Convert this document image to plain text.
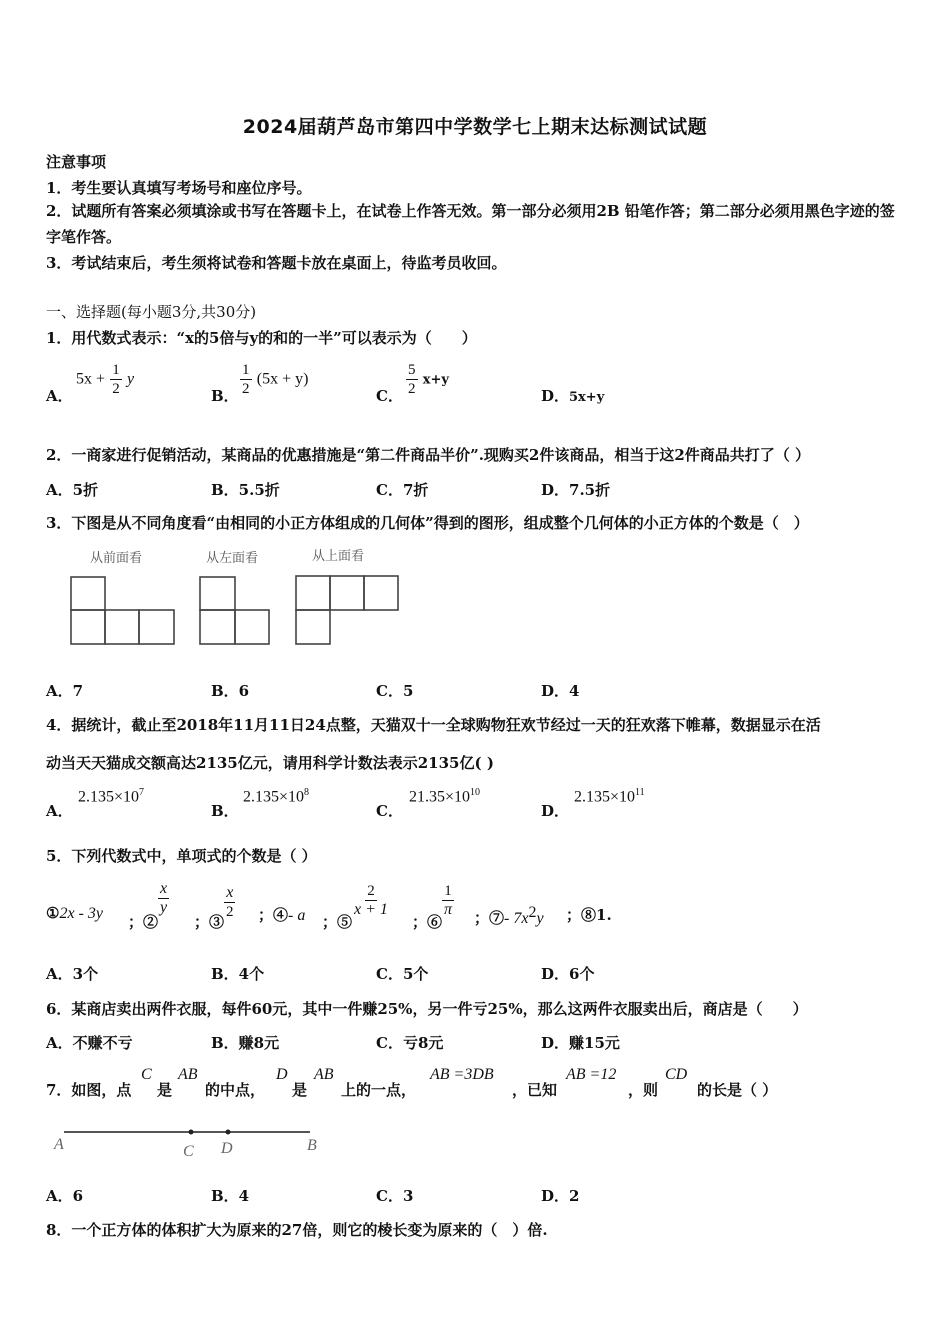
2024届葫芦岛市第四中学数学七上期末达标测试试题
注意事项
1．考生要认真填写考场号和座位序号。
2．试题所有答案必须填涂或书写在答题卡上，在试卷上作答无效。第一部分必须用2B 铅笔作答；第二部分必须用黑色字迹的签字笔作答。
3．考试结束后，考生须将试卷和答题卡放在桌面上，待监考员收回。
一、选择题(每小题3分,共30分)
1．用代数式表示：“x的5倍与y的和的一半”可以表示为（　　）
A．
$5x + \frac{1}{2}$ y
B． $\frac{1}{2} (5x + y)$
C． $\frac{5}{2} x+y$
D．5x+y
2．一商家进行促销活动，某商品的优惠措施是“第二件商品半价”.现购买2件该商品，相当于这2件商品共打了（ ）
A．5折	B．5.5折	C．7折	D．7.5折
3．下图是从不同角度看“由相同的小正方体组成的几何体”得到的图形，组成整个几何体的小正方体的个数是（　）
从前面看	从左面看	从上面看
A．7	B．6	C．5	D．4
4．据统计，截止至2018年11月11日24点整，天猫双十一全球购物狂欢节经过一天的狂欢落下帷幕，数据显示在活
动当天天猫成交额高达2135亿元，请用科学计数法表示2135亿( )
A．
$2.135\times 10^7$
B．
$2.135\times 10^8$
C．
$21.35\times 10^{10}$
D．
$2.135\times 10^{11}$
5．下列代数式中，单项式的个数是（ ）
①2x - 3y ；②
$\frac{x}{y}$
；③
$\frac{x}{2}$ ；④- a ；⑤
$\frac{2}{x + 1}$
；⑥
$\frac{1}{\pi}$ ；⑦- $7x^2y$ ；⑧1.
A．3个	B．4个	C．5个	D．6个
6．某商店卖出两件衣服，每件60元，其中一件赚25%，另一件亏25%，那么这两件衣服卖出后，商店是（　　）
A．不赚不亏	B．赚8元	C．亏8元	D．赚15元
7．如图，点
C
是
AB
的中点，
D
是
AB
上的一点，
AB =3DB
，已知
AB =12
，则
CD
的长是（ ）
A	C D	B
A．6	B．4	C．3	D．2
8．一个正方体的体积扩大为原来的27倍，则它的棱长变为原来的（　）倍.
